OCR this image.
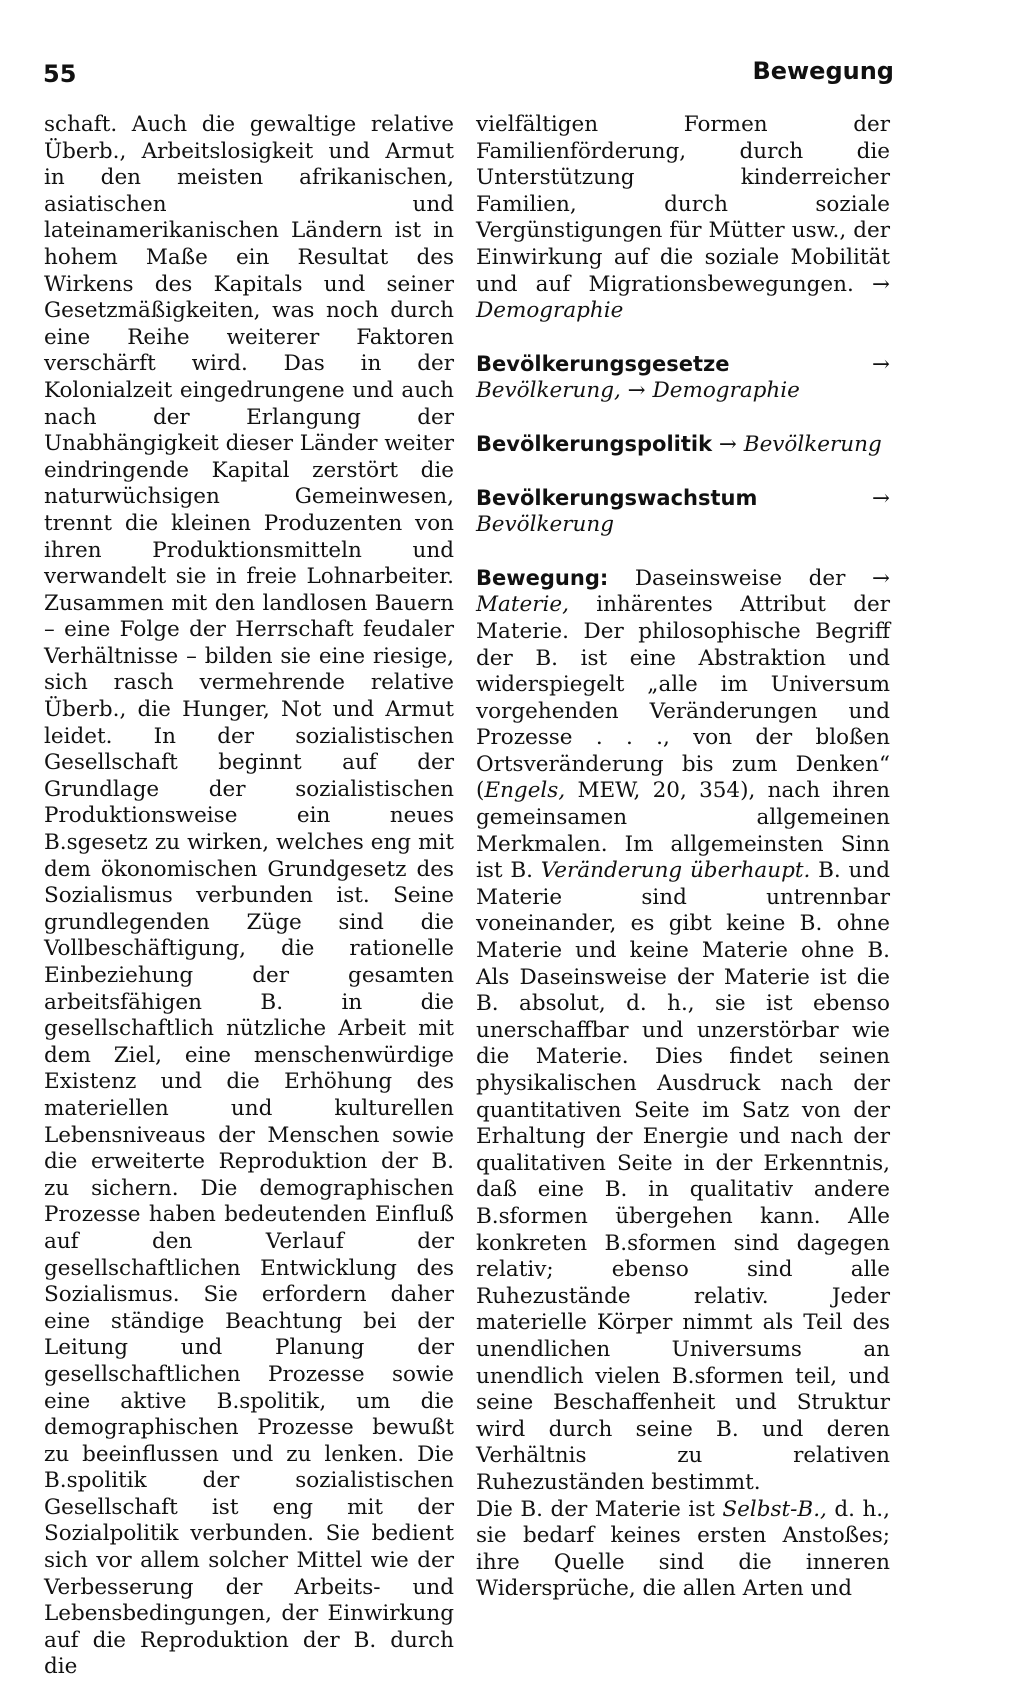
55	Bewegung

schaft. Auch die gewaltige relative Überb., Arbeitslosigkeit und Armut in den meisten afrikanischen, asiatischen und lateinamerikanischen Ländern ist in hohem Maße ein Resultat des Wirkens des Kapitals und seiner Gesetzmäßigkeiten, was noch durch eine Reihe weiterer Faktoren verschärft wird. Das in der Kolonialzeit eingedrungene und auch nach der Erlangung der Unabhängigkeit dieser Länder weiter eindringende Kapital zerstört die naturwüchsigen Gemeinwesen, trennt die kleinen Produzenten von ihren Produktionsmitteln und verwandelt sie in freie Lohnarbeiter. Zusammen mit den landlosen Bauern – eine Folge der Herrschaft feudaler Verhältnisse – bilden sie eine riesige, sich rasch vermehrende relative Überb., die Hunger, Not und Armut leidet. In der sozialistischen Gesellschaft beginnt auf der Grundlage der sozialistischen Produktionsweise ein neues B.sgesetz zu wirken, welches eng mit dem ökonomischen Grundgesetz des Sozialismus verbunden ist. Seine grundlegenden Züge sind die Vollbeschäftigung, die rationelle Einbeziehung der gesamten arbeitsfähigen B. in die gesellschaftlich nützliche Arbeit mit dem Ziel, eine menschenwürdige Existenz und die Erhöhung des materiellen und kulturellen Lebensniveaus der Menschen sowie die erweiterte Reproduktion der B. zu sichern. Die demographischen Prozesse haben bedeutenden Einfluß auf den Verlauf der gesellschaftlichen Entwicklung des Sozialismus. Sie erfordern daher eine ständige Beachtung bei der Leitung und Planung der gesellschaftlichen Prozesse sowie eine aktive B.spolitik, um die demographischen Prozesse bewußt zu beeinflussen und zu lenken. Die B.spolitik der sozialistischen Gesellschaft ist eng mit der Sozialpolitik verbunden. Sie bedient sich vor allem solcher Mittel wie der Verbesserung der Arbeits- und Lebensbedingungen, der Einwirkung auf die Reproduktion der B. durch die

vielfältigen Formen der Familienförderung, durch die Unterstützung kinderreicher Familien, durch soziale Vergünstigungen für Mütter usw., der Einwirkung auf die soziale Mobilität und auf Migrationsbewegungen. → Demographie

Bevölkerungsgesetze	→ Bevölkerung, → Demographie

Bevölkerungspolitik → Bevölkerung

Bevölkerungswachstum	→ Bevölkerung

Bewegung: Daseinsweise der → Materie, inhärentes Attribut der Materie. Der philosophische Begriff der B. ist eine Abstraktion und widerspiegelt „alle im Universum vorgehenden Veränderungen und Prozesse . . ., von der bloßen Ortsveränderung bis zum Denken“ (Engels, MEW, 20, 354), nach ihren gemeinsamen allgemeinen Merkmalen. Im allgemeinsten Sinn ist B. Veränderung überhaupt. B. und Materie sind untrennbar voneinander, es gibt keine B. ohne Materie und keine Materie ohne B. Als Daseinsweise der Materie ist die B. absolut, d. h., sie ist ebenso unerschaffbar und unzerstörbar wie die Materie. Dies findet seinen physikalischen Ausdruck nach der quantitativen Seite im Satz von der Erhaltung der Energie und nach der qualitativen Seite in der Erkenntnis, daß eine B. in qualitativ andere B.sformen übergehen kann. Alle konkreten B.sformen sind dagegen relativ; ebenso sind alle Ruhezustände relativ. Jeder materielle Körper nimmt als Teil des unendlichen Universums an unendlich vielen B.sformen teil, und seine Beschaffenheit und Struktur wird durch seine B. und deren Verhältnis zu relativen Ruhezuständen bestimmt.

Die B. der Materie ist Selbst-B., d. h., sie bedarf keines ersten Anstoßes; ihre Quelle sind die inneren Widersprüche, die allen Arten und
